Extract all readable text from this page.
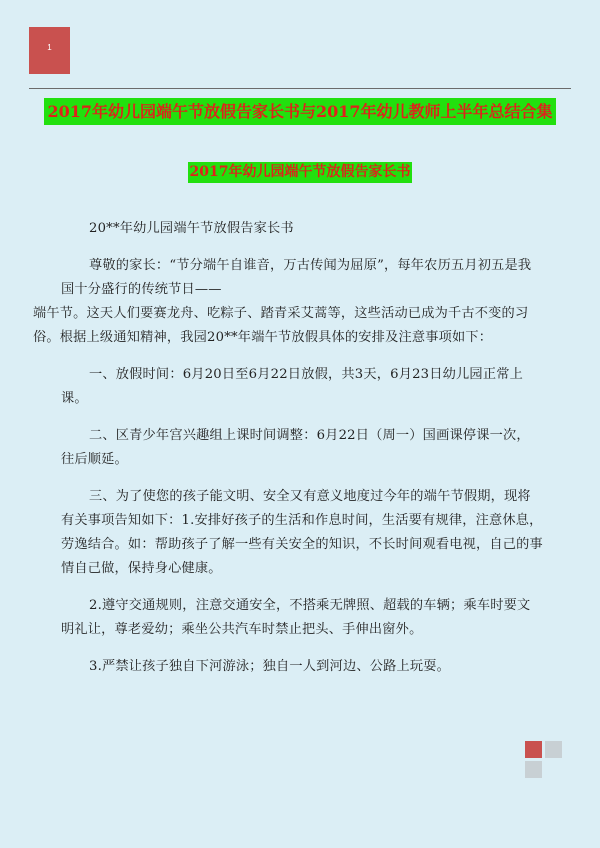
1
2017年幼儿园端午节放假告家长书与2017年幼儿教师上半年总结合集
2017年幼儿园端午节放假告家长书

20**年幼儿园端午节放假告家长书

尊敬的家长：“节分端午自谁音，万古传闻为屈原”，每年农历五月初五是我国十分盛行的传统节日——

端午节。这天人们要赛龙舟、吃粽子、踏青采艾蒿等，这些活动已成为千古不变的习俗。根据上级通知精神，我园20**年端午节放假具体的安排及注意事项如下：

一、放假时间：6月20日至6月22日放假，共3天，6月23日幼儿园正常上课。

二、区青少年宫兴趣组上课时间调整：6月22日（周一）国画课停课一次，往后顺延。

三、为了使您的孩子能文明、安全又有意义地度过今年的端午节假期，现将有关事项告知如下：1.安排好孩子的生活和作息时间，生活要有规律，注意休息，劳逸结合。如：帮助孩子了解一些有关安全的知识，不长时间观看电视，自己的事情自己做，保持身心健康。

2.遵守交通规则，注意交通安全，不搭乘无牌照、超载的车辆；乘车时要文明礼让，尊老爱幼；乘坐公共汽车时禁止把头、手伸出窗外。

3.严禁让孩子独自下河游泳；独自一人到河边、公路上玩耍。
